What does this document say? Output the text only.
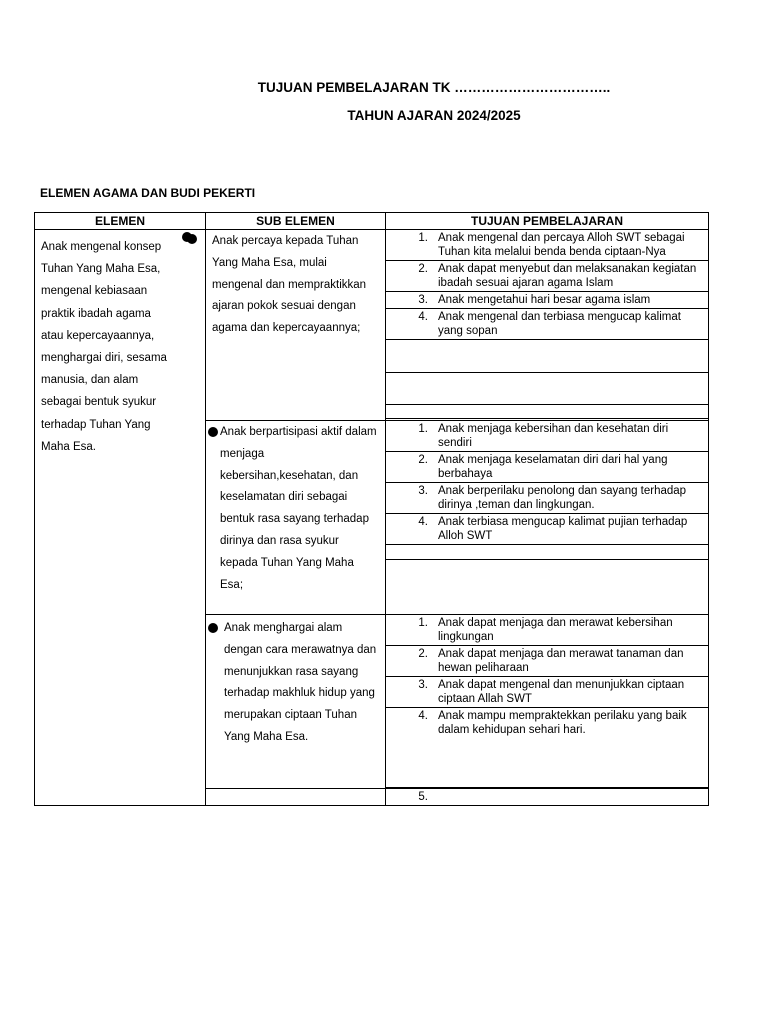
TUJUAN PEMBELAJARAN TK ……………………………..
TAHUN AJARAN 2024/2025
ELEMEN AGAMA DAN BUDI PEKERTI
ELEMEN	SUB ELEMEN	TUJUAN PEMBELAJARAN

Anak mengenal konsep Tuhan Yang Maha Esa, mengenal kebiasaan praktik ibadah agama atau kepercayaannya, menghargai diri, sesama manusia, dan alam sebagai bentuk syukur terhadap Tuhan Yang Maha Esa.	Anak percaya kepada Tuhan Yang Maha Esa, mulai mengenal dan mempraktikkan ajaran pokok sesuai dengan agama dan kepercayaannya;	1. Anak mengenal dan percaya Alloh SWT sebagai Tuhan kita melalui benda benda ciptaan-Nya

		2. Anak dapat menyebut dan melaksanakan kegiatan ibadah sesuai ajaran agama Islam

		3. Anak mengetahui hari besar agama islam

		4. Anak mengenal dan terbiasa mengucap kalimat yang sopan

Anak berpartisipasi aktif dalam menjaga kebersihan,kesehatan, dan keselamatan diri sebagai bentuk rasa sayang terhadap dirinya dan rasa syukur kepada Tuhan Yang Maha Esa;	1. Anak menjaga kebersihan dan kesehatan diri sendiri

		2. Anak menjaga keselamatan diri dari hal yang berbahaya

		3. Anak berperilaku penolong dan sayang terhadap dirinya ,teman dan lingkungan.

		4. Anak terbiasa mengucap kalimat pujian terhadap Alloh SWT

Anak menghargai alam dengan cara merawatnya dan menunjukkan rasa sayang terhadap makhluk hidup yang merupakan ciptaan Tuhan Yang Maha Esa.	1. Anak dapat menjaga dan merawat kebersihan lingkungan

		2. Anak dapat menjaga dan merawat tanaman dan hewan peliharaan

		3. Anak dapat mengenal dan menunjukkan ciptaan ciptaan Allah SWT

		4. Anak mampu mempraktekkan perilaku yang baik dalam kehidupan sehari hari.

		5.
